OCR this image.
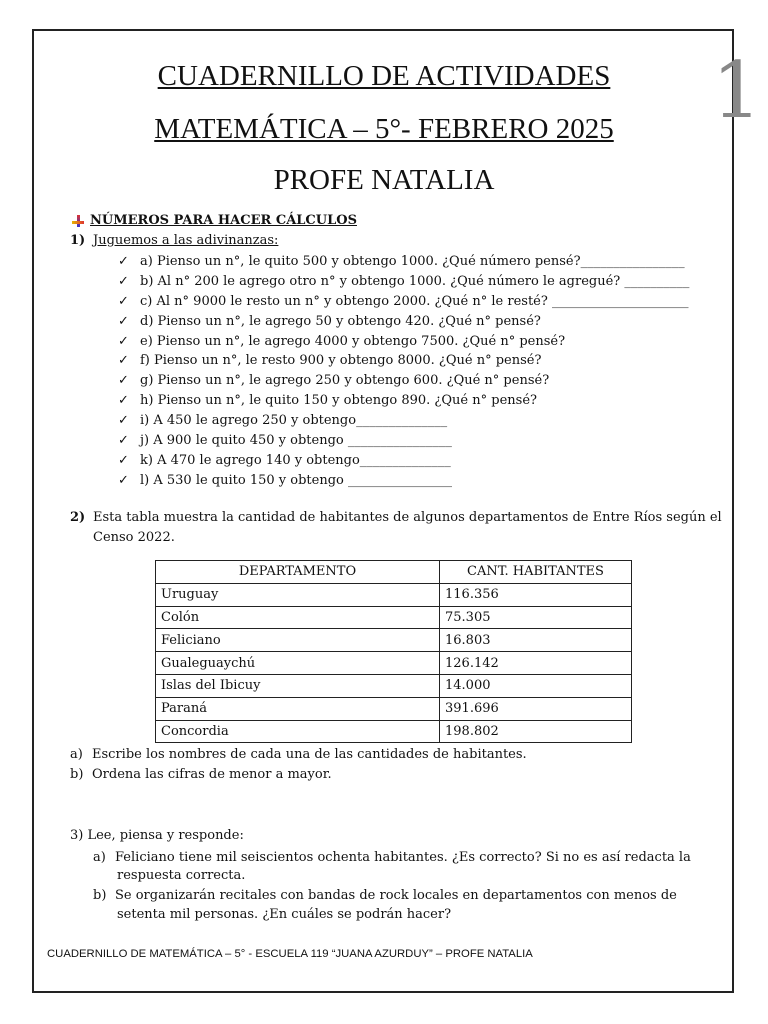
1
CUADERNILLO DE ACTIVIDADES
MATEMÁTICA – 5°- FEBRERO 2025
PROFE NATALIA
NÚMEROS PARA HACER CÁLCULOS
1) Juguemos a las adivinanzas:
✓ a) Pienso un n°, le quito 500 y obtengo 1000. ¿Qué número pensé?________________
✓ b) Al n° 200 le agrego otro n° y obtengo 1000. ¿Qué número le agregué? __________
✓ c) Al n° 9000 le resto un n° y obtengo 2000. ¿Qué n° le resté? _____________________
✓ d) Pienso un n°, le agrego 50 y obtengo 420. ¿Qué n° pensé?
✓ e) Pienso un n°, le agrego 4000 y obtengo 7500. ¿Qué n° pensé?
✓ f) Pienso un n°, le resto 900 y obtengo 8000. ¿Qué n° pensé?
✓ g) Pienso un n°, le agrego 250 y obtengo 600. ¿Qué n° pensé?
✓ h) Pienso un n°, le quito 150 y obtengo 890. ¿Qué n° pensé?
✓ i) A 450 le agrego 250 y obtengo______________
✓ j) A 900 le quito 450 y obtengo ________________
✓ k) A 470 le agrego 140 y obtengo______________
✓ l) A 530 le quito 150 y obtengo ________________
2) Esta tabla muestra la cantidad de habitantes de algunos departamentos de Entre Ríos según el
Censo 2022.
DEPARTAMENTO	CANT. HABITANTES
Uruguay	116.356
Colón	75.305
Feliciano	16.803
Gualeguaychú	126.142
Islas del Ibicuy	14.000
Paraná	391.696
Concordia	198.802
a) Escribe los nombres de cada una de las cantidades de habitantes.
b) Ordena las cifras de menor a mayor.
3) Lee, piensa y responde:
a) Feliciano tiene mil seiscientos ochenta habitantes. ¿Es correcto? Si no es así redacta la
respuesta correcta.
b) Se organizarán recitales con bandas de rock locales en departamentos con menos de
setenta mil personas. ¿En cuáles se podrán hacer?
CUADERNILLO DE MATEMÁTICA – 5° - ESCUELA 119 “JUANA AZURDUY” – PROFE NATALIA
